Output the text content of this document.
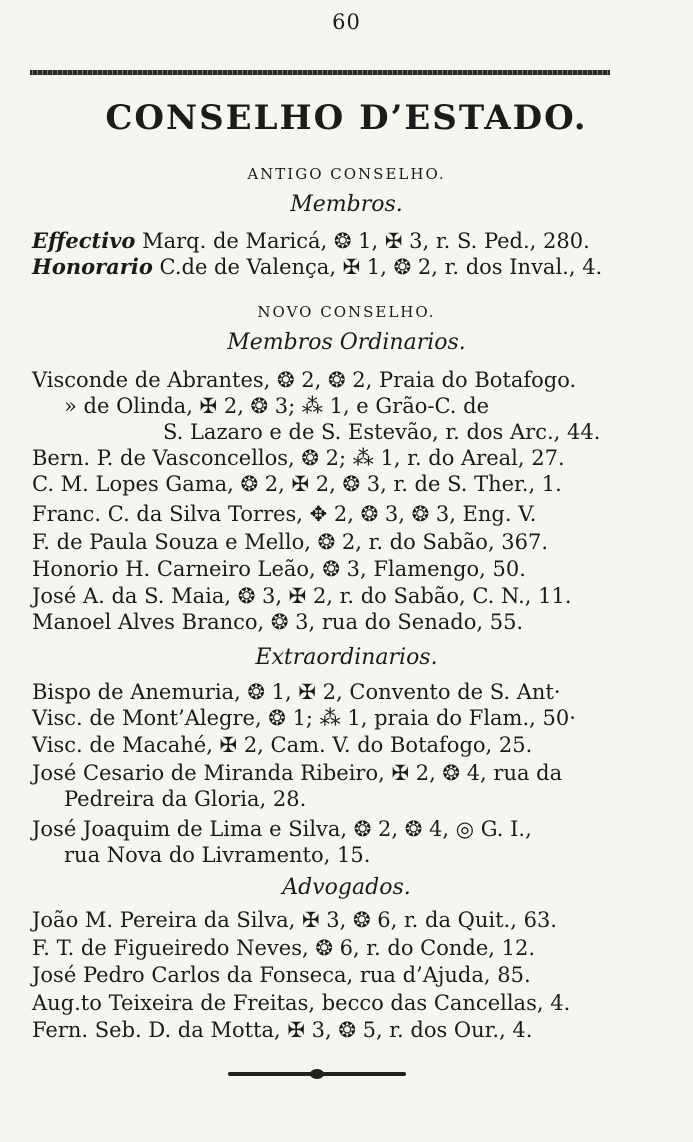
60
CONSELHO D’ESTADO.
ANTIGO CONSELHO.
Membros.
Effectivo Marq. de Maricá, ❂ 1, ✠ 3, r. S. Ped., 280.
Honorario C.de de Valença, ✠ 1, ❂ 2, r. dos Inval., 4.
NOVO CONSELHO.
Membros Ordinarios.
Visconde de Abrantes, ❂ 2, ❂ 2, Praia do Botafogo.
» de Olinda, ✠ 2, ❂ 3; ⁂ 1, e Grão-C. de
S. Lazaro e de S. Estevão, r. dos Arc., 44.
Bern. P. de Vasconcellos, ❂ 2; ⁂ 1, r. do Areal, 27.
C. M. Lopes Gama, ❂ 2, ✠ 2, ❂ 3, r. de S. Ther., 1.
Franc. C. da Silva Torres, ✥ 2, ❂ 3, ❂ 3, Eng. V.
F. de Paula Souza e Mello, ❂ 2, r. do Sabão, 367.
Honorio H. Carneiro Leão, ❂ 3, Flamengo, 50.
José A. da S. Maia, ❂ 3, ✠ 2, r. do Sabão, C. N., 11.
Manoel Alves Branco, ❂ 3, rua do Senado, 55.
Extraordinarios.
Bispo de Anemuria, ❂ 1, ✠ 2, Convento de S. Ant·
Visc. de Mont’Alegre, ❂ 1; ⁂ 1, praia do Flam., 50·
Visc. de Macahé, ✠ 2, Cam. V. do Botafogo, 25.
José Cesario de Miranda Ribeiro, ✠ 2, ❂ 4, rua da
Pedreira da Gloria, 28.
José Joaquim de Lima e Silva, ❂ 2, ❂ 4, ◎ G. I.,
rua Nova do Livramento, 15.
Advogados.
João M. Pereira da Silva, ✠ 3, ❂ 6, r. da Quit., 63.
F. T. de Figueiredo Neves, ❂ 6, r. do Conde, 12.
José Pedro Carlos da Fonseca, rua d’Ajuda, 85.
Aug.to Teixeira de Freitas, becco das Cancellas, 4.
Fern. Seb. D. da Motta, ✠ 3, ❂ 5, r. dos Our., 4.
